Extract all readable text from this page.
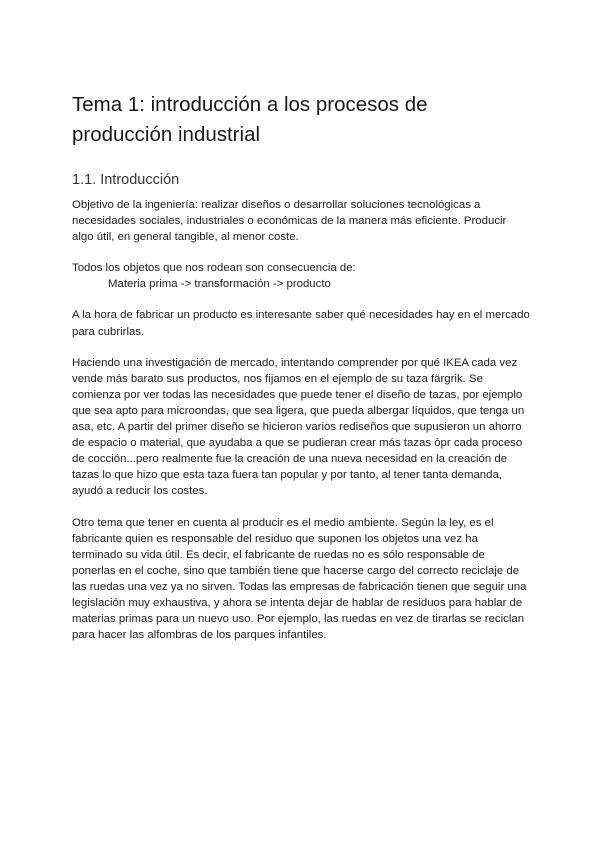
Tema 1: introducción a los procesos de producción industrial
1.1. Introducción

Objetivo de la ingeniería: realizar diseños o desarrollar soluciones tecnológicas a necesidades sociales, industriales o económicas de la manera más eficiente. Producir algo útil, en general tangible, al menor coste.

Todos los objetos que nos rodean son consecuencia de:
Materia prima -> transformación -> producto

A la hora de fabricar un producto es interesante saber qué necesidades hay en el mercado para cubrirlas.

Haciendo una investigación de mercado, intentando comprender por qué IKEA cada vez vende más barato sus productos, nos fijamos en el ejemplo de su taza färgrik. Se comienza por ver todas las necesidades que puede tener el diseño de tazas, por ejemplo que sea apto para microondas, que sea ligera, que pueda albergar líquidos, que tenga un asa, etc. A partir del primer diseño se hicieron varios rediseños que supusieron un ahorro de espacio o material, que ayudaba a que se pudieran crear más tazas òpr cada proceso de cocción...pero realmente fue la creación de una nueva necesidad en la creación de tazas lo que hizo que esta taza fuera tan popular y por tanto, al tener tanta demanda, ayudó a reducir los costes.

Otro tema que tener en cuenta al producir es el medio ambiente. Según la ley, es el fabricante quien es responsable del residuo que suponen los objetos una vez ha terminado su vida útil. Es decir, el fabricante de ruedas no es sólo responsable de ponerlas en el coche, sino que también tiene que hacerse cargo del correcto reciclaje de las ruedas una vez ya no sirven. Todas las empresas de fabricación tienen que seguir una legislación muy exhaustiva, y ahora se intenta dejar de hablar de residuos para hablar de materias primas para un nuevo uso. Por ejemplo, las ruedas en vez de tirarlas se reciclan para hacer las alfombras de los parques infantiles.
